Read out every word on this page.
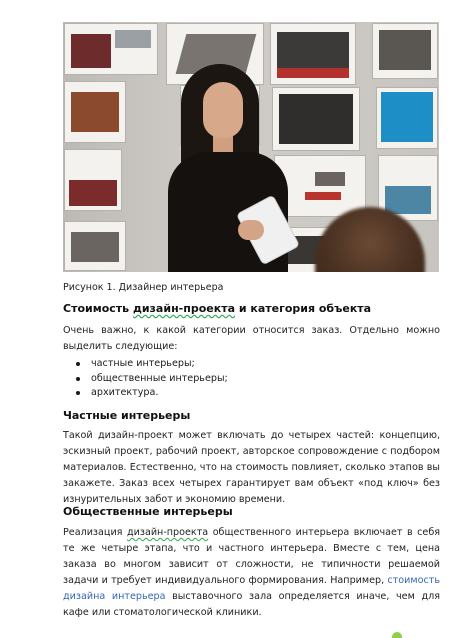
Рисунок 1. Дизайнер интерьера
Стоимость дизайн-проекта и категория объекта
Очень важно, к какой категории относится заказ. Отдельно можно выделить следующие:
частные интерьеры;
общественные интерьеры;
архитектура.
Частные интерьеры
Такой дизайн-проект может включать до четырех частей: концепцию, эскизный проект, рабочий проект, авторское сопровождение с подбором материалов. Естественно, что на стоимость повлияет, сколько этапов вы закажете. Заказ всех четырех гарантирует вам объект «под ключ» без изнурительных забот и экономию времени.
Общественные интерьеры
Реализация дизайн-проекта общественного интерьера включает в себя те же четыре этапа, что и частного интерьера. Вместе с тем, цена заказа во многом зависит от сложности, не типичности решаемой задачи и требует индивидуального формирования. Например, стоимость дизайна интерьера выставочного зала определяется иначе, чем для кафе или стоматологической клиники.
